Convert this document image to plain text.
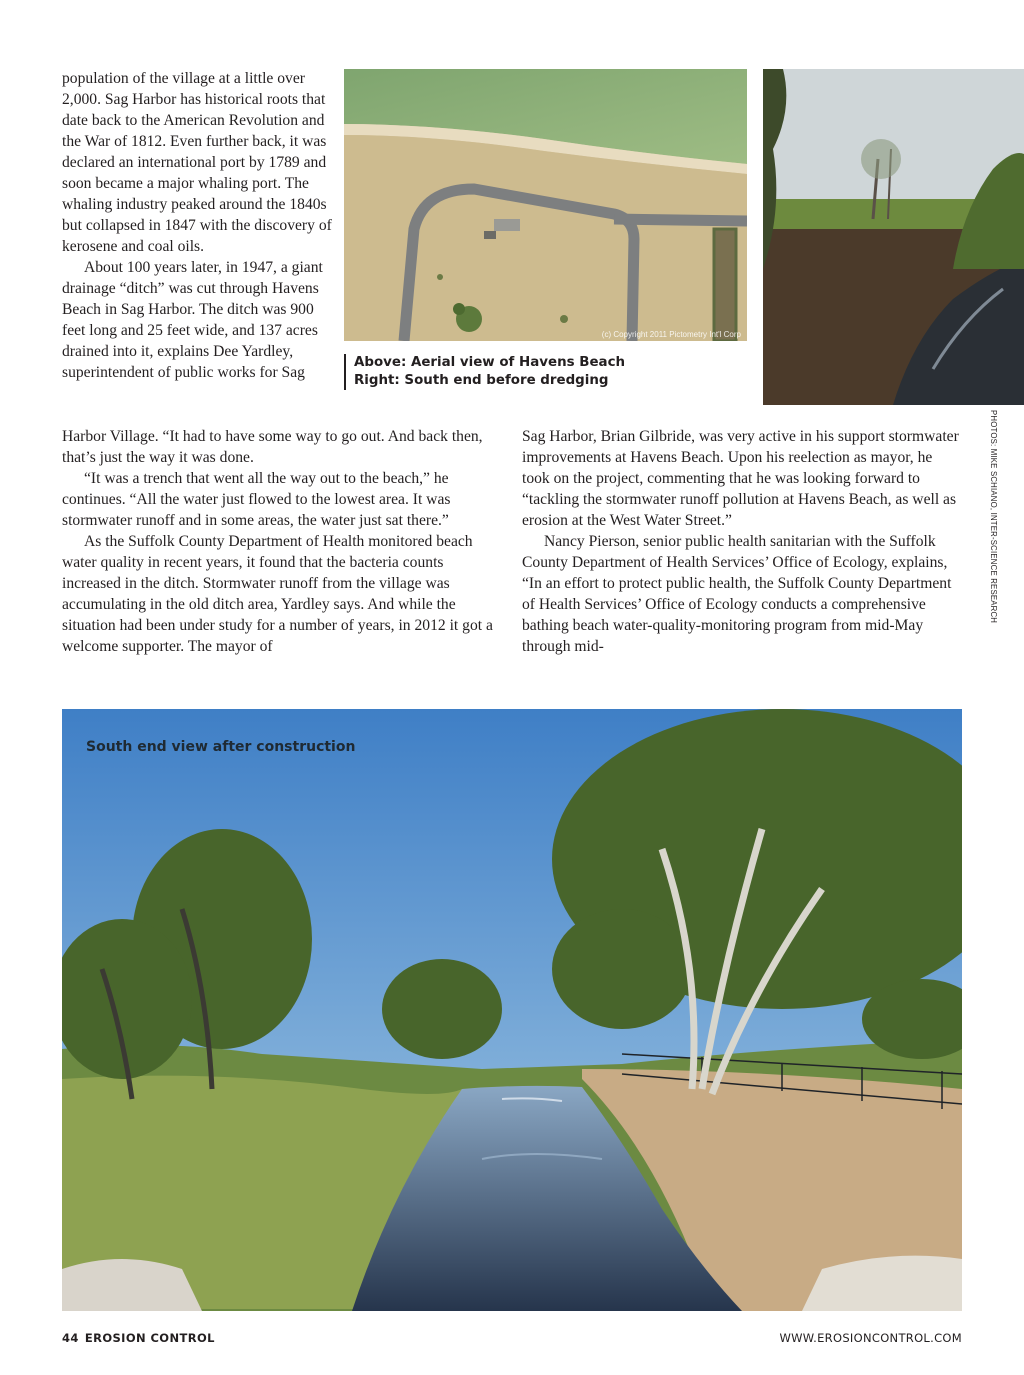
population of the village at a little over 2,000. Sag Harbor has historical roots that date back to the American Revolution and the War of 1812. Even further back, it was declared an international port by 1789 and soon became a major whaling port. The whaling industry peaked around the 1840s but collapsed in 1847 with the discovery of kerosene and coal oils.

About 100 years later, in 1947, a giant drainage “ditch” was cut through Havens Beach in Sag Harbor. The ditch was 900 feet long and 25 feet wide, and 137 acres drained into it, explains Dee Yardley, superintendent of public works for Sag

(c) Copyright 2011 Pictometry Int'l Corp
Above: Aerial view of Havens Beach
Right: South end before dredging
PHOTOS: MIKE SCHIANO, INTER-SCIENCE RESEARCH

Harbor Village. “It had to have some way to go out. And back then, that’s just the way it was done.

“It was a trench that went all the way out to the beach,” he continues. “All the water just flowed to the lowest area. It was stormwater runoff and in some areas, the water just sat there.”

As the Suffolk County Department of Health monitored beach water quality in recent years, it found that the bacteria counts increased in the ditch. Stormwater runoff from the village was accumulating in the old ditch area, Yardley says. And while the situation had been under study for a number of years, in 2012 it got a welcome supporter. The mayor of

Sag Harbor, Brian Gilbride, was very active in his support stormwater improvements at Havens Beach. Upon his reelection as mayor, he took on the project, commenting that he was looking forward to “tackling the stormwater runoff pollution at Havens Beach, as well as erosion at the West Water Street.”

Nancy Pierson, senior public health sanitarian with the Suffolk County Department of Health Services’ Office of Ecology, explains, “In an effort to protect public health, the Suffolk County Department of Health Services’ Office of Ecology conducts a comprehensive bathing beach water-quality-monitoring program from mid-May through mid-

South end view after construction
44 EROSION CONTROL	WWW.EROSIONCONTROL.COM
